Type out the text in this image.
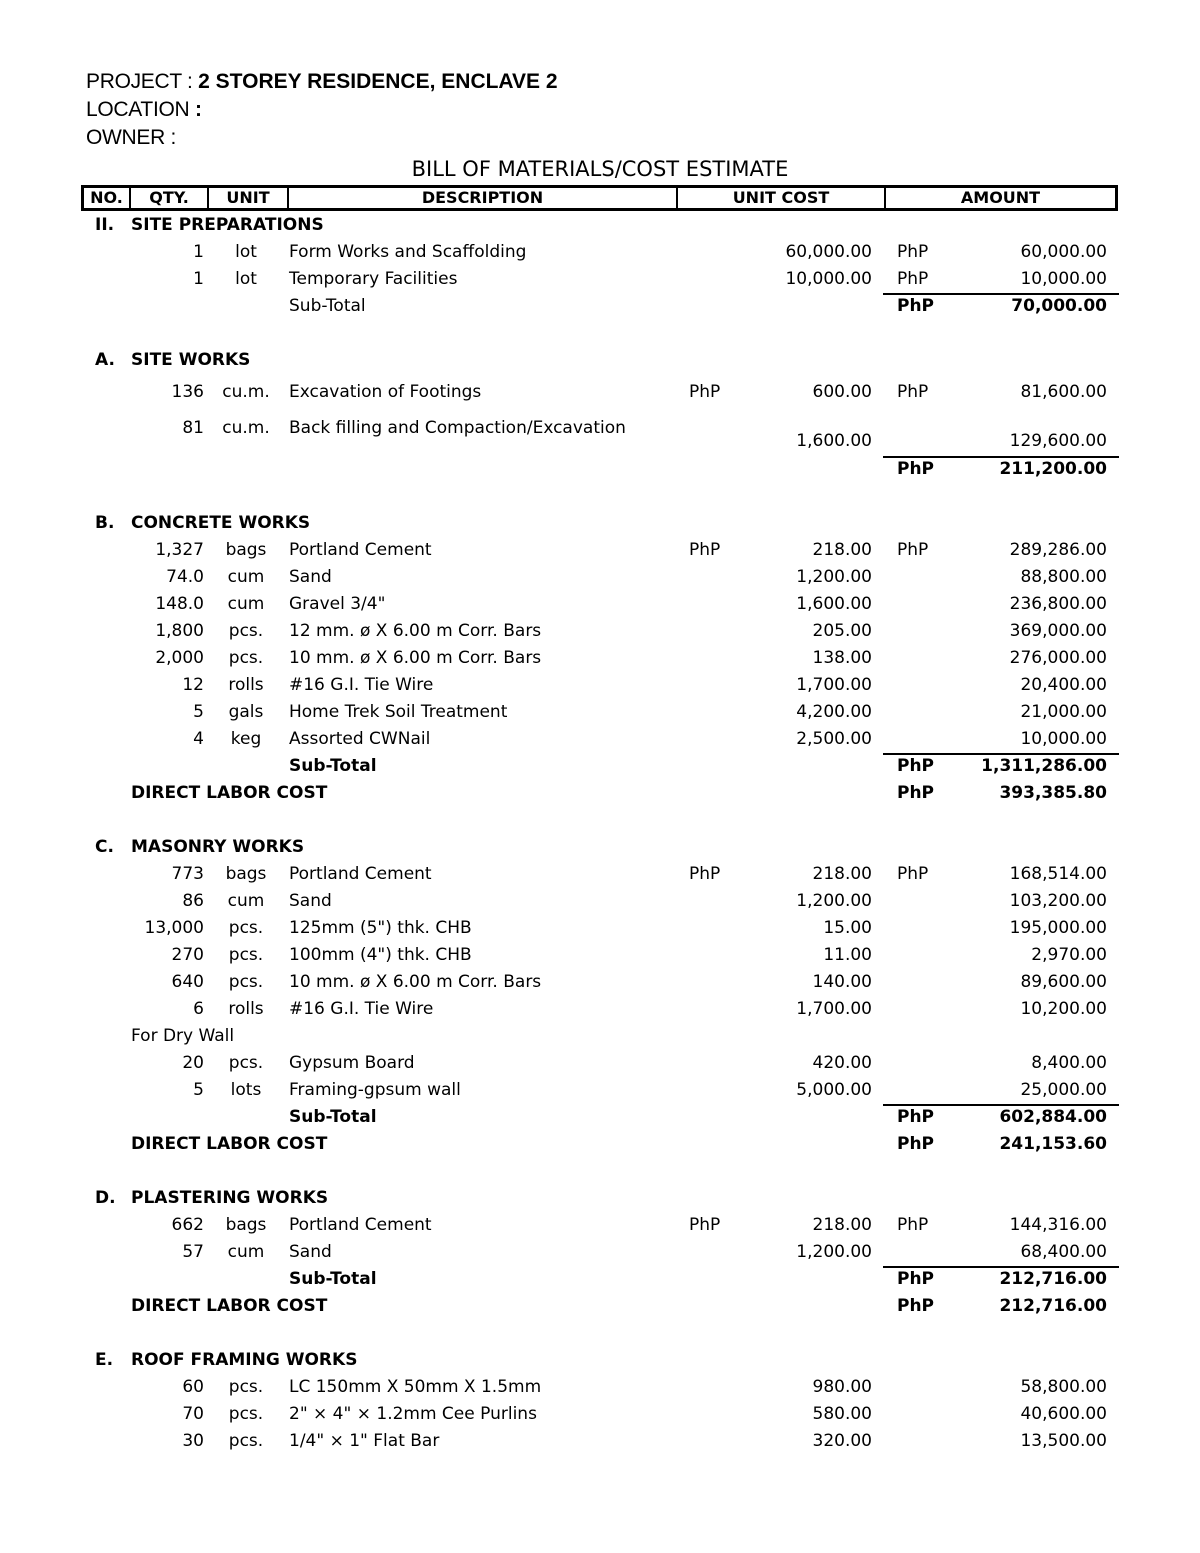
PROJECT : 2 STOREY RESIDENCE, ENCLAVE 2
LOCATION :
OWNER :
BILL OF MATERIALS/COST ESTIMATE
NO.	QTY.	UNIT	DESCRIPTION	UNIT COST	AMOUNT
II. SITE PREPARATIONS
1	lot	Form Works and Scaffolding	60,000.00 PhP	60,000.00
1	lot	Temporary Facilities	10,000.00 PhP	10,000.00
Sub-Total	PhP	70,000.00
A. SITE WORKS
136	cu.m.	Excavation of Footings	PhP	600.00 PhP	81,600.00
81	cu.m.	Back filling and Compaction/Excavation
1,600.00	129,600.00
PhP	211,200.00
B. CONCRETE WORKS
1,327	bags	Portland Cement	PhP	218.00 PhP	289,286.00
74.0	cum	Sand	1,200.00	88,800.00
148.0	cum	Gravel 3/4"	1,600.00	236,800.00
1,800	pcs.	12 mm. ø X 6.00 m Corr. Bars	205.00	369,000.00
2,000	pcs.	10 mm. ø X 6.00 m Corr. Bars	138.00	276,000.00
12	rolls	#16 G.I. Tie Wire	1,700.00	20,400.00
5	gals	Home Trek Soil Treatment	4,200.00	21,000.00
4	keg	Assorted CWNail	2,500.00	10,000.00
Sub-Total	PhP	1,311,286.00
DIRECT LABOR COST	PhP	393,385.80
C. MASONRY WORKS
773	bags	Portland Cement	PhP	218.00 PhP	168,514.00
86	cum	Sand	1,200.00	103,200.00
13,000	pcs.	125mm (5") thk. CHB	15.00	195,000.00
270	pcs.	100mm (4") thk. CHB	11.00	2,970.00
640	pcs.	10 mm. ø X 6.00 m Corr. Bars	140.00	89,600.00
6	rolls	#16 G.I. Tie Wire	1,700.00	10,200.00
For Dry Wall
20	pcs.	Gypsum Board	420.00	8,400.00
5	lots	Framing-gpsum wall	5,000.00	25,000.00
Sub-Total	PhP	602,884.00
DIRECT LABOR COST	PhP	241,153.60
D. PLASTERING WORKS
662	bags	Portland Cement	PhP	218.00 PhP	144,316.00
57	cum	Sand	1,200.00	68,400.00
Sub-Total	PhP	212,716.00
DIRECT LABOR COST	PhP	212,716.00
E. ROOF FRAMING WORKS
60	pcs.	LC 150mm X 50mm X 1.5mm	980.00	58,800.00
70	pcs.	2" × 4" × 1.2mm Cee Purlins	580.00	40,600.00
30	pcs.	1/4" × 1" Flat Bar	320.00	13,500.00
